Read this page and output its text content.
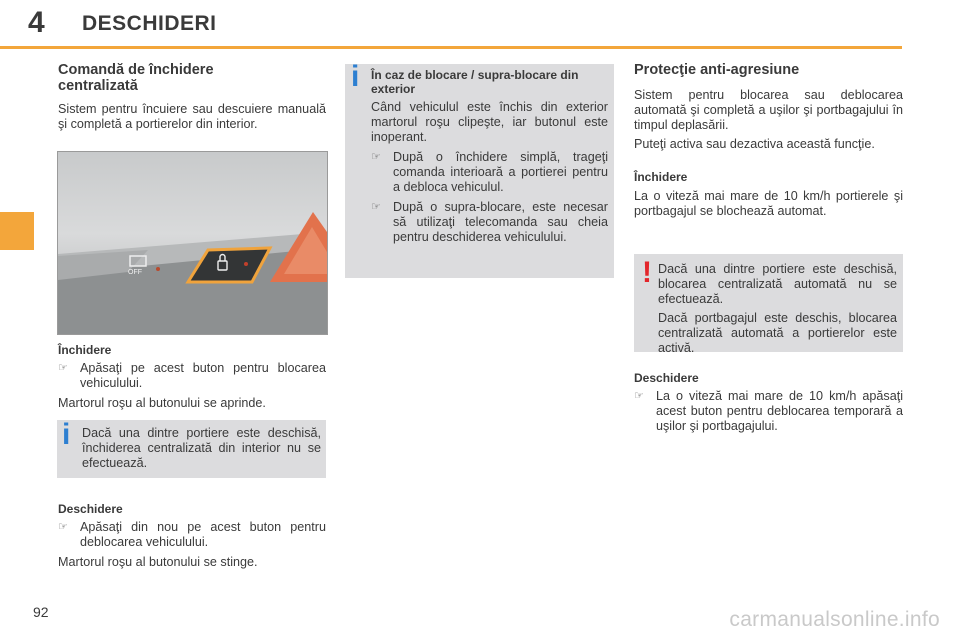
4 DESCHIDERI
Comandă de închidere centralizată

Sistem pentru încuiere sau descuiere manuală şi completă a portierelor din interior.

OFF
Închidere
☞ Apăsaţi pe acest buton pentru blocarea vehiculului.

Martorul roşu al butonului se aprinde.

i Dacă una dintre portiere este deschisă, închiderea centralizată din interior nu se efectuează.
Deschidere
☞ Apăsaţi din nou pe acest buton pentru deblocarea vehiculului.

Martorul roşu al butonului se stinge.

i În caz de blocare / supra-blocare din exterior

Când vehiculul este închis din exterior martorul roşu clipeşte, iar butonul este inoperant.

☞ După o închidere simplă, trageţi comanda interioară a portierei pentru a debloca vehiculul.
☞ După o supra-blocare, este necesar să utilizaţi telecomanda sau cheia pentru deschiderea vehiculului.
Protecţie anti-agresiune

Sistem pentru blocarea sau deblocarea automată şi completă a uşilor şi portbagajului în timpul deplasării.

Puteţi activa sau dezactiva această funcţie.

Închidere

La o viteză mai mare de 10 km/h portierele şi portbagajul se blochează automat.

! Dacă una dintre portiere este deschisă, blocarea centralizată automată nu se efectuează.

Dacă portbagajul este deschis, blocarea centralizată automată a portierelor este activă.

Deschidere
☞ La o viteză mai mare de 10 km/h apăsaţi acest buton pentru deblocarea temporară a uşilor şi portbagajului.
92	carmanualsonline.info
